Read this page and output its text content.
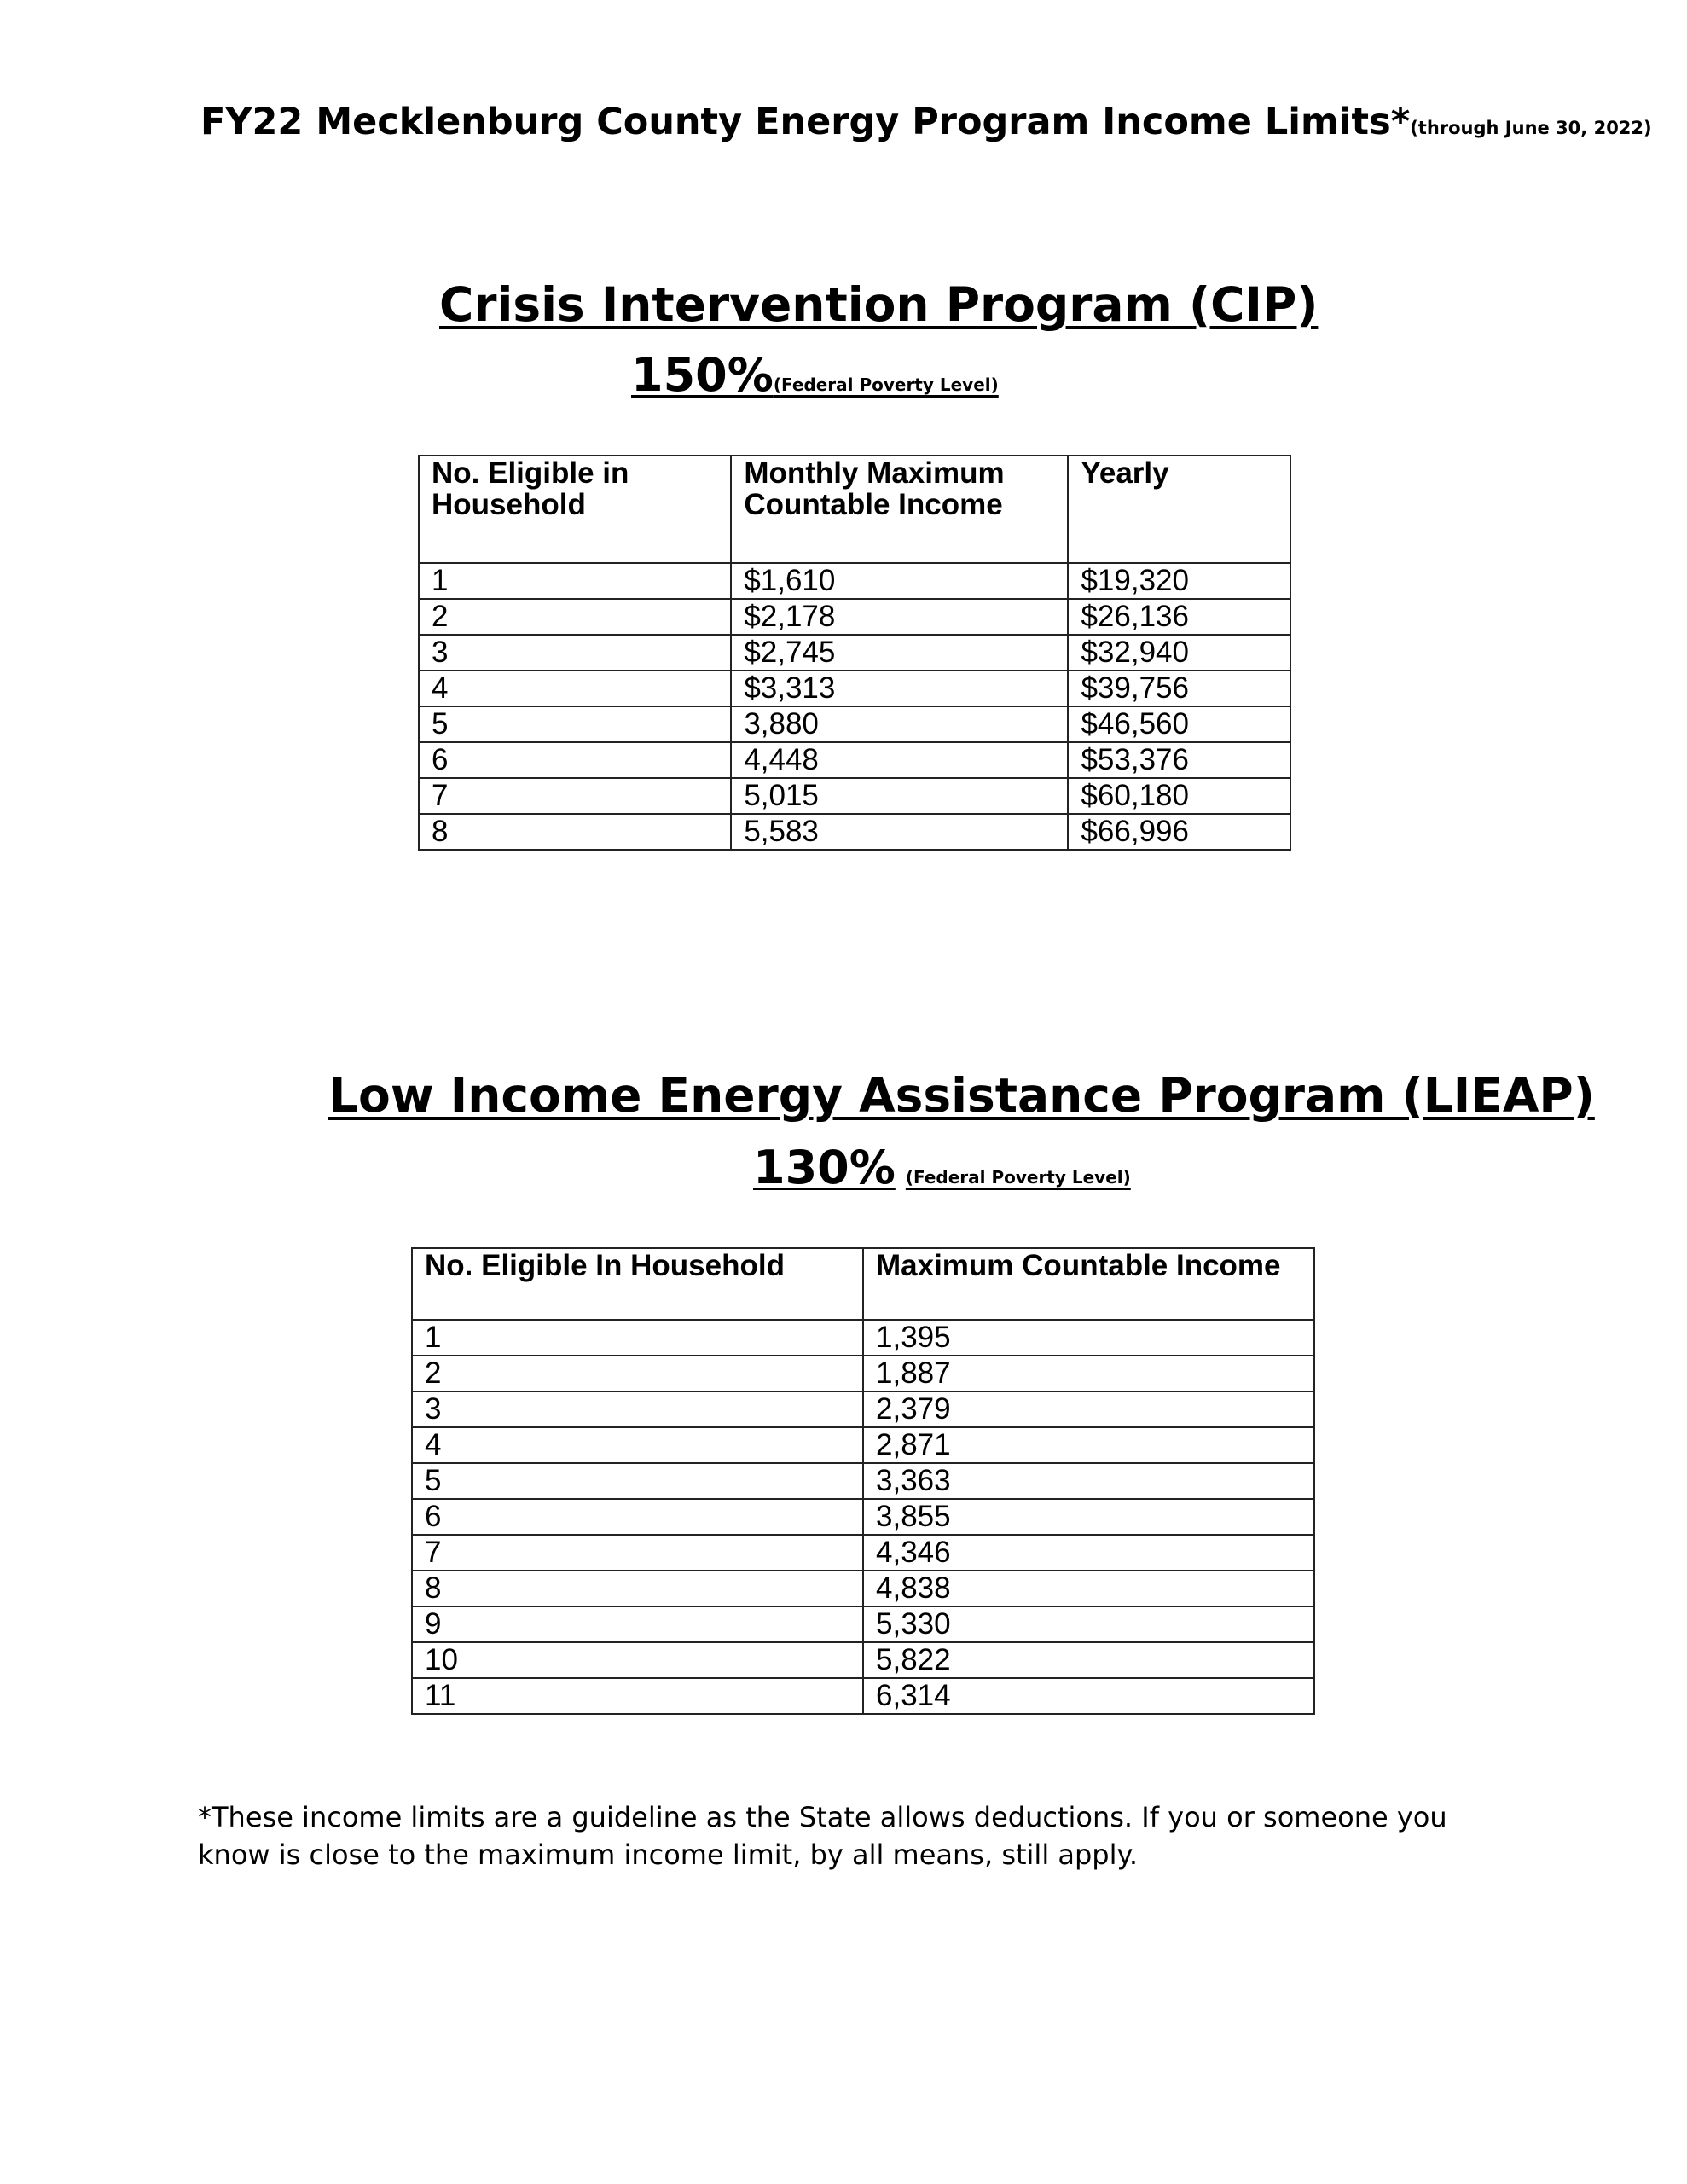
FY22 Mecklenburg County Energy Program Income Limits*(through June 30, 2022)
Crisis Intervention Program (CIP)
150%(Federal Poverty Level)
No. Eligible in Household	Monthly Maximum Countable Income	Yearly
1	$1,610	$19,320
2	$2,178	$26,136
3	$2,745	$32,940
4	$3,313	$39,756
5	3,880	$46,560
6	4,448	$53,376
7	5,015	$60,180
8	5,583	$66,996
Low Income Energy Assistance Program (LIEAP)
130% (Federal Poverty Level)
No. Eligible In Household	Maximum Countable Income
1	1,395
2	1,887
3	2,379
4	2,871
5	3,363
6	3,855
7	4,346
8	4,838
9	5,330
10	5,822
11	6,314
*These income limits are a guideline as the State allows deductions. If you or someone you know is close to the maximum income limit, by all means, still apply.
